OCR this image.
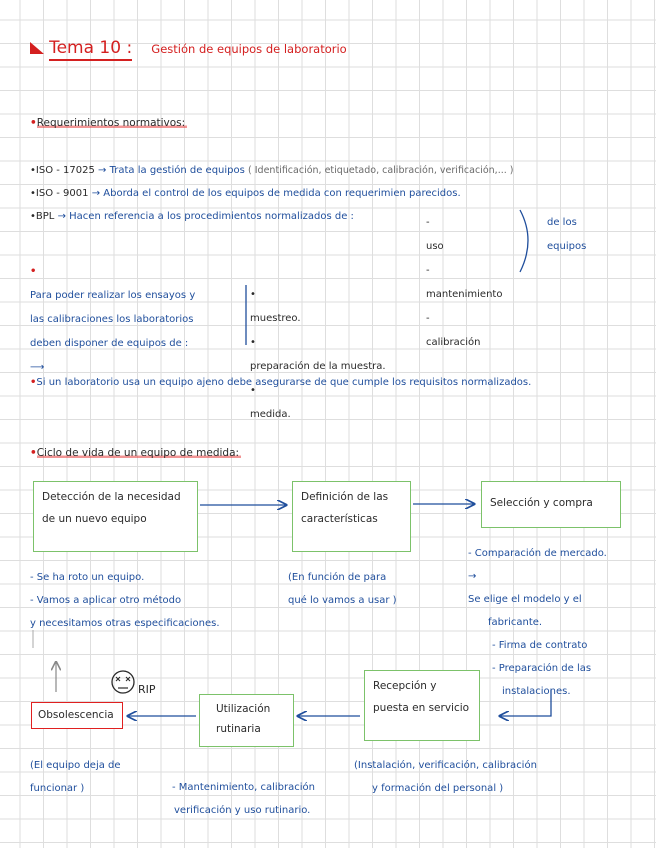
Tema 10 : Gestión de equipos de laboratorio
•Requerimientos normativos:
•ISO - 17025 → Trata la gestión de equipos ( Identificación, etiquetado, calibración, verificación,... )
•ISO - 9001 → Aborda el control de los equipos de medida con requerimien parecidos.
•BPL → Hacen referencia a los procedimientos normalizados de :
-
uso
-
mantenimiento
-
calibración
de los
equipos
•
Para poder realizar los ensayos y
las calibraciones los laboratorios
deben disponer de equipos de :
⟶
•
muestreo.
•
preparación de la muestra.
•
medida.
•Si un laboratorio usa un equipo ajeno debe asegurarse de que cumple los requisitos normalizados.
•Ciclo de vida de un equipo de medida:
Detección de la necesidad
de un nuevo equipo
Definición de las
características
Selección y compra
Recepción y
puesta en servicio
Utilización
rutinaria
Obsolescencia
RIP
- Se ha roto un equipo.
- Vamos a aplicar otro método
y necesitamos otras especificaciones.
(En función de para
qué lo vamos a usar )
- Comparación de mercado.
→
Se elige el modelo y el
fabricante.
- Firma de contrato
- Preparación de las
instalaciones.
(Instalación, verificación, calibración
y formación del personal )
- Mantenimiento, calibración
verificación y uso rutinario.
(El equipo deja de
funcionar )
